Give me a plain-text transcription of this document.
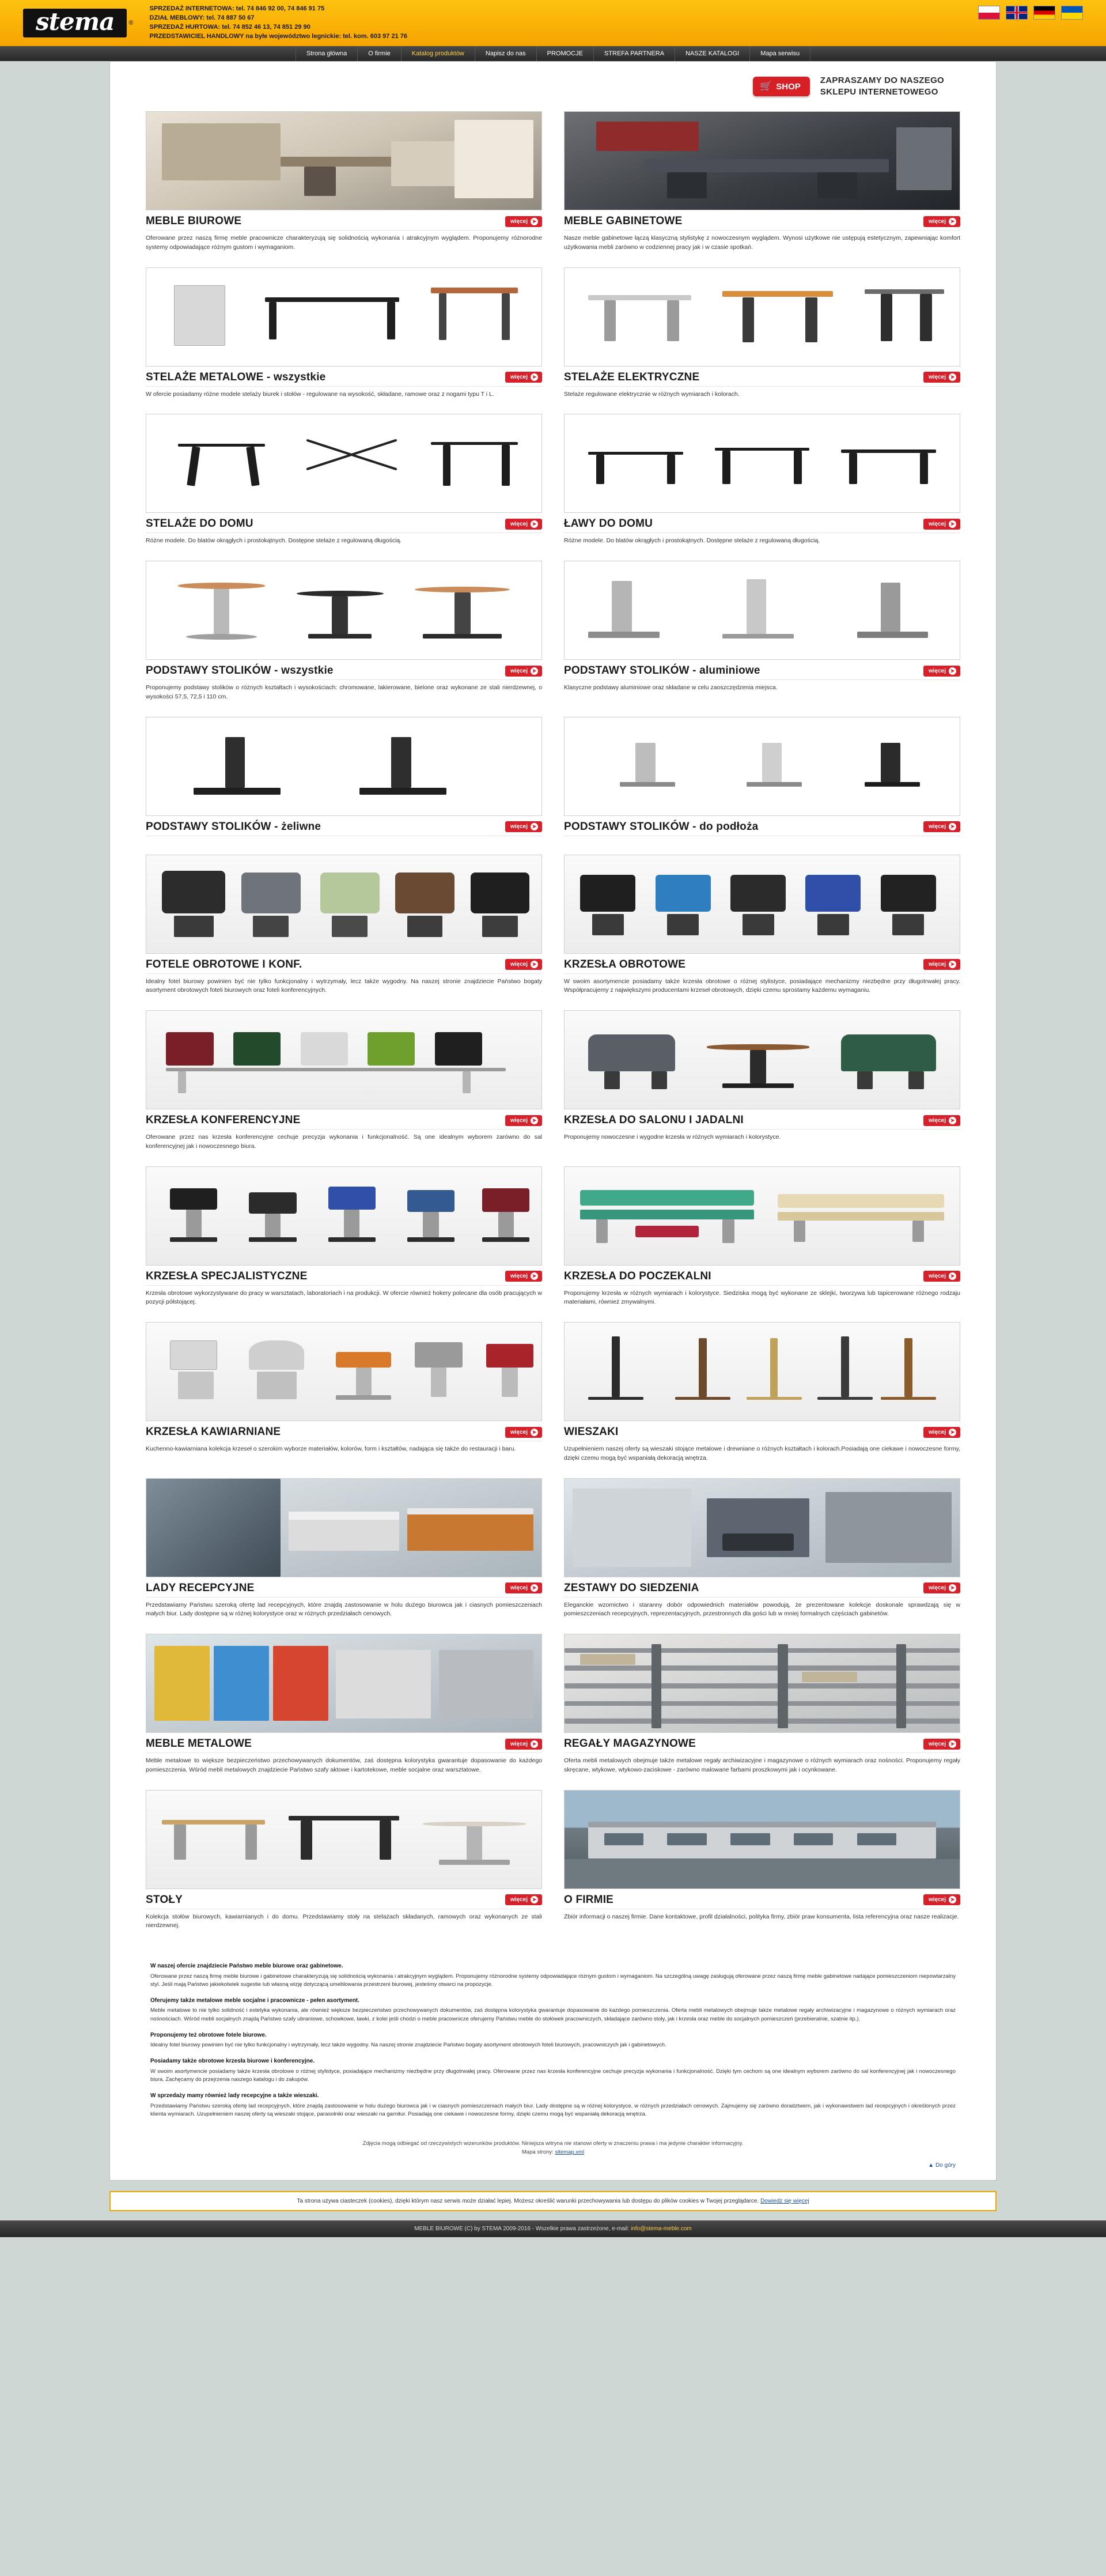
stema	®
SPRZEDAŻ INTERNETOWA: tel. 74 846 92 00, 74 846 91 75
DZIAŁ MEBLOWY: tel. 74 887 50 67
SPRZEDAŻ HURTOWA: tel. 74 852 46 13, 74 851 29 90
PRZEDSTAWICIEL HANDLOWY na byłe województwo legnickie: tel. kom. 603 97 21 76
Strona główna	O firmie	Katalog produktów	Napisz do nas	PROMOCJE	STREFA PARTNERA	NASZE KATALOGI	Mapa serwisu
🛒 SHOP
ZAPRASZAMY DO NASZEGO
SKLEPU INTERNETOWEGO
MEBLE BIUROWE	więcej ➤
Oferowane przez naszą firmę meble pracownicze charakteryzują się solidnością wykonania i atrakcyjnym wyglądem. Proponujemy różnorodne systemy odpowiadające różnym gustom i wymaganiom.
MEBLE GABINETOWE	więcej ➤
Nasze meble gabinetowe łączą klasyczną stylistykę z nowoczesnym wyglądem. Wynosi użytkowe nie ustępują estetycznym, zapewniając komfort użytkowania mebli zarówno w codziennej pracy jak i w czasie spotkań.
STELAŻE METALOWE - wszystkie	więcej ➤
W ofercie posiadamy różne modele stelaży biurek i stołów - regulowane na wysokość, składane, ramowe oraz z nogami typu T i L.
STELAŻE ELEKTRYCZNE	więcej ➤
Stelaże regulowane elektrycznie w różnych wymiarach i kolorach.
STELAŻE DO DOMU	więcej ➤
Różne modele. Do blatów okrągłych i prostokątnych. Dostępne stelaże z regulowaną długością.
ŁAWY DO DOMU	więcej ➤
Różne modele. Do blatów okrągłych i prostokątnych. Dostępne stelaże z regulowaną długością.
PODSTAWY STOLIKÓW - wszystkie	więcej ➤
Proponujemy podstawy stolików o różnych kształtach i wysokościach: chromowane, lakierowane, bielone oraz wykonane ze stali nierdzewnej, o wysokości 57,5, 72,5 i 110 cm.
PODSTAWY STOLIKÓW - aluminiowe	więcej ➤
Klasyczne podstawy aluminiowe oraz składane w celu zaoszczędzenia miejsca.
PODSTAWY STOLIKÓW - żeliwne	więcej ➤	PODSTAWY STOLIKÓW - do podłoża	więcej ➤
FOTELE OBROTOWE I KONF.	więcej ➤
Idealny fotel biurowy powinien być nie tylko funkcjonalny i wytrzymały, lecz także wygodny. Na naszej stronie znajdziecie Państwo bogaty asortyment obrotowych foteli biurowych oraz foteli konferencyjnych.
KRZESŁA OBROTOWE	więcej ➤
W swoim asortymencie posiadamy także krzesła obrotowe o różnej stylistyce, posiadające mechanizmy niezbędne przy długotrwałej pracy. Współpracujemy z największymi producentami krzeseł obrotowych, dzięki czemu sprostamy każdemu wymaganiu.
KRZESŁA KONFERENCYJNE	więcej ➤
Oferowane przez nas krzesła konferencyjne cechuje precyzja wykonania i funkcjonalność. Są one idealnym wyborem zarówno do sal konferencyjnej jak i nowoczesnego biura.
KRZESŁA DO SALONU I JADALNI	więcej ➤
Proponujemy nowoczesne i wygodne krzesła w różnych wymiarach i kolorystyce.
KRZESŁA SPECJALISTYCZNE	więcej ➤
Krzesła obrotowe wykorzystywane do pracy w warsztatach, laboratoriach i na produkcji. W ofercie również hokery polecane dla osób pracujących w pozycji półstojącej.
KRZESŁA DO POCZEKALNI	więcej ➤
Proponujemy krzesła w różnych wymiarach i kolorystyce. Siedziska mogą być wykonane ze sklejki, tworzywa lub tapicerowane różnego rodzaju materiałami, również zmywalnymi.
KRZESŁA KAWIARNIANE	więcej ➤
Kuchenno-kawiarniana kolekcja krzeseł o szerokim wyborze materiałów, kolorów, form i kształtów, nadająca się także do restauracji i baru.
WIESZAKI	więcej ➤
Uzupełnieniem naszej oferty są wieszaki stojące metalowe i drewniane o różnych kształtach i kolorach.Posiadają one ciekawe i nowoczesne formy, dzięki czemu mogą być wspaniałą dekoracją wnętrza.
LADY RECEPCYJNE	więcej ➤
Przedstawiamy Państwu szeroką ofertę lad recepcyjnych, które znajdą zastosowanie w holu dużego biurowca jak i ciasnych pomieszczeniach małych biur. Lady dostępne są w różnej kolorystyce oraz w różnych przedziałach cenowych.
ZESTAWY DO SIEDZENIA	więcej ➤
Eleganckie wzornictwo i staranny dobór odpowiednich materiałów powodują, że prezentowane kolekcje doskonale sprawdzają się w pomieszczeniach recepcyjnych, reprezentacyjnych, przestronnych dla gości lub w mniej formalnych częściach gabinetów.
MEBLE METALOWE	więcej ➤
Meble metalowe to większe bezpieczeństwo przechowywanych dokumentów, zaś dostępna kolorystyka gwarantuje dopasowanie do każdego pomieszczenia. Wśród mebli metalowych znajdziecie Państwo szafy aktowe i kartotekowe, meble socjalne oraz warsztatowe.
REGAŁY MAGAZYNOWE	więcej ➤
Oferta mebli metalowych obejmuje także metalowe regały archiwizacyjne i magazynowe o różnych wymiarach oraz nośności. Proponujemy regały skręcane, wtykowe, wtykowo-zaciskowe - zarówno malowane farbami proszkowymi jak i ocynkowane.
STOŁY	więcej ➤
Kolekcja stołów biurowych, kawiarnianych i do domu. Przedstawiamy stoły na stelażach składanych, ramowych oraz wykonanych ze stali nierdzewnej.
O FIRMIE	więcej ➤
Zbiór informacji o naszej firmie. Dane kontaktowe, profil działalności, polityka firmy, zbiór praw konsumenta, lista referencyjna oraz nasze realizacje.
W naszej ofercie znajdziecie Państwo meble biurowe oraz gabinetowe.

Oferowane przez naszą firmę meble biurowe i gabinetowe charakteryzują się solidnością wykonania i atrakcyjnym wyglądem. Proponujemy różnorodne systemy odpowiadające różnym gustom i wymaganiom. Na szczególną uwagę zasługują oferowane przez naszą firmę meble gabinetowe nadające pomieszczeniom niepowtarzalny styl. Jeśli mają Państwo jakiekolwiek sugestie lub własną wizję dotyczącą umeblowania przestrzeni biurowej, jesteśmy otwarci na propozycje.

Oferujemy także metalowe meble socjalne i pracownicze - pełen asortyment.

Meble metalowe to nie tylko solidność i estetyka wykonania, ale również większe bezpieczeństwo przechowywanych dokumentów, zaś dostępna kolorystyka gwarantuje dopasowanie do każdego pomieszczenia. Oferta mebli metalowych obejmuje także metalowe regały archiwizacyjne i magazynowe o różnych wymiarach oraz nośnościach. Wśród mebli socjalnych znajdą Państwo szafy ubraniowe, schowkowe, ławki, z kolei jeśli chodzi o meble pracownicze oferujemy Państwu meble do stołówek pracowniczych, składające zarówno stoły, jak i krzesła oraz meble do socjalnych pomieszczeń (przebieralnie, szatnie itp.).

Proponujemy też obrotowe fotele biurowe.

Idealny fotel biurowy powinien być nie tylko funkcjonalny i wytrzymały, lecz także wygodny. Na naszej stronie znajdziecie Państwo bogaty asortyment obrotowych foteli biurowych, pracowniczych jak i gabinetowych.

Posiadamy także obrotowe krzesła biurowe i konferencyjne.

W swoim asortymencie posiadamy także krzesła obrotowe o różnej stylistyce, posiadające mechanizmy niezbędne przy długotrwałej pracy. Oferowane przez nas krzesła konferencyjne cechuje precyzja wykonania i funkcjonalność. Dzięki tym cechom są one idealnym wyborem zarówno do sal konferencyjnej jak i nowoczesnego biura. Zachęcamy do przejrzenia naszego katalogu i do zakupów.

W sprzedaży mamy również lady recepcyjne a także wieszaki.

Przedstawiamy Państwu szeroką ofertę lad recepcyjnych, które znajdą zastosowanie w holu dużego biurowca jak i w ciasnych pomieszczeniach małych biur. Lady dostępne są w różnej kolorystyce, w różnych przedziałach cenowych. Zajmujemy się zarówno doradztwem, jak i wykonawstwem lad recepcyjnych i określonych przez klienta wymiarach. Uzupełnieniem naszej oferty są wieszaki stojące, parasolniki oraz wieszaki na garnitur. Posiadają one ciekawe i nowoczesne formy, dzięki czemu mogą być wspaniałą dekoracją wnętrza.

Zdjęcia mogą odbiegać od rzeczywistych wizerunków produktów. Niniejsza witryna nie stanowi oferty w znaczeniu prawa i ma jedynie charakter informacyjny.
Mapa strony: sitemap.xml
▲ Do góry
Ta strona używa ciasteczek (cookies), dzięki którym nasz serwis może działać lepiej. Możesz określić warunki przechowywania lub dostępu do plików cookies w Twojej przeglądarce. Dowiedz się więcej
MEBLE BIUROWE (C) by STEMA 2009-2016 - Wszelkie prawa zastrzeżone, e-mail: info@stema-meble.com
